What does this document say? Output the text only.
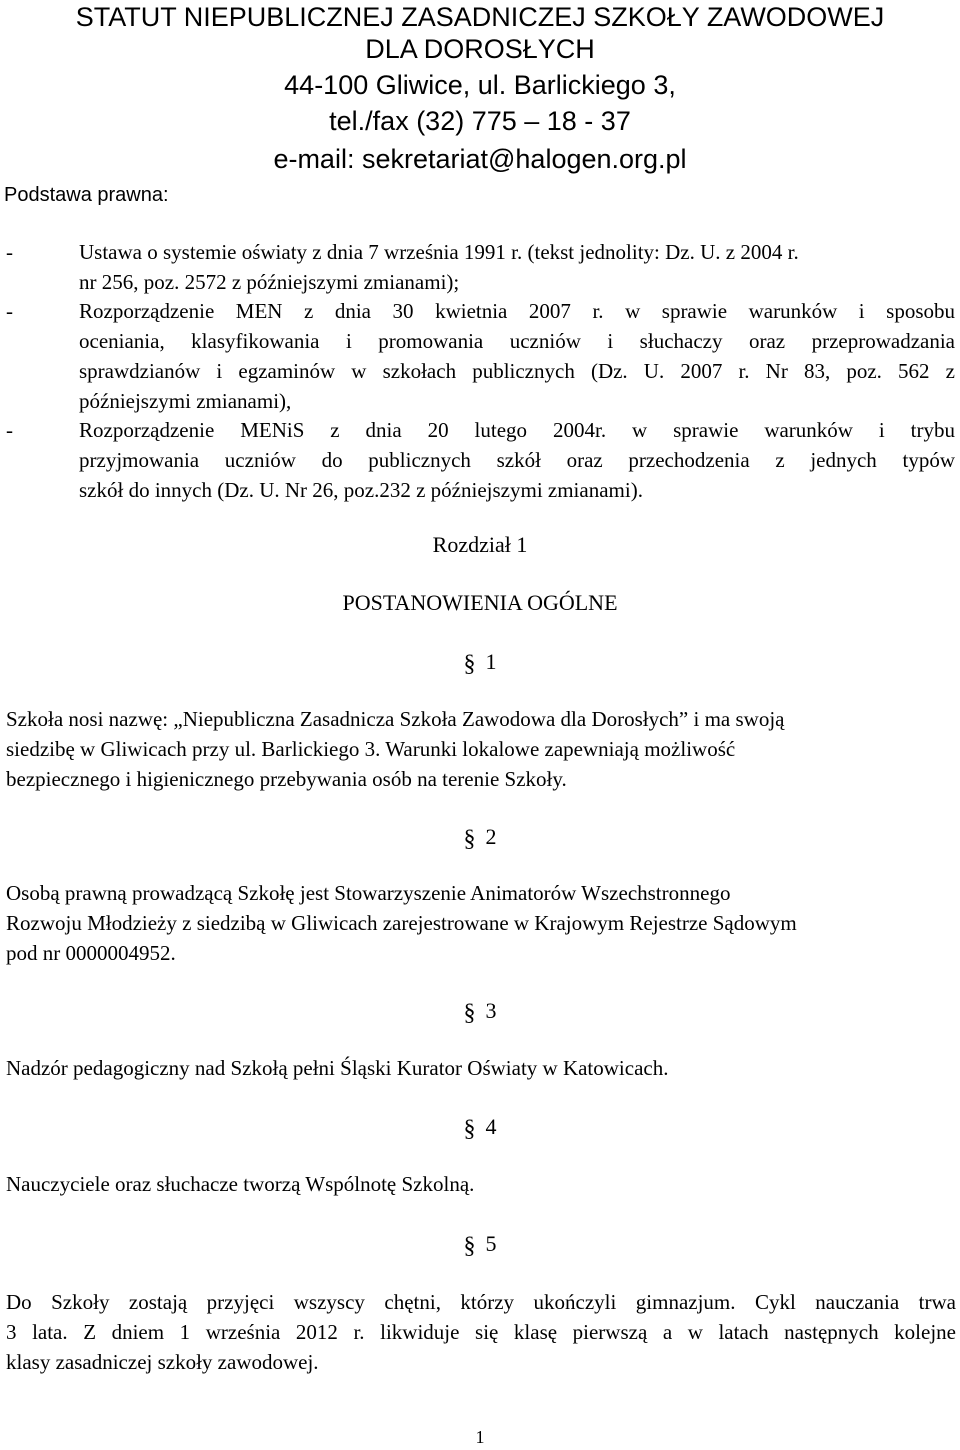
STATUT NIEPUBLICZNEJ ZASADNICZEJ SZKOŁY ZAWODOWEJ
DLA DOROSŁYCH
44-100 Gliwice, ul. Barlickiego 3,
tel./fax (32) 775 – 18 - 37
e-mail: sekretariat@halogen.org.pl
Podstawa prawna:
-	Ustawa o systemie oświaty z dnia 7 września 1991 r. (tekst jednolity: Dz. U. z 2004 r.
nr 256, poz. 2572 z późniejszymi zmianami);
-	Rozporządzenie MEN z dnia 30 kwietnia 2007 r. w sprawie warunków i sposobu
oceniania, klasyfikowania i promowania uczniów i słuchaczy oraz przeprowadzania
sprawdzianów i egzaminów w szkołach publicznych (Dz. U. 2007 r. Nr 83, poz. 562 z
późniejszymi zmianami),
-	Rozporządzenie MENiS z dnia 20 lutego 2004r. w sprawie warunków i trybu
przyjmowania uczniów do publicznych szkół oraz przechodzenia z jednych typów
szkół do innych (Dz. U. Nr 26, poz.232 z późniejszymi zmianami).
Rozdział 1
POSTANOWIENIA OGÓLNE
§ 1
Szkoła nosi nazwę: „Niepubliczna Zasadnicza Szkoła Zawodowa dla Dorosłych” i ma swoją
siedzibę w Gliwicach przy ul. Barlickiego 3. Warunki lokalowe zapewniają możliwość
bezpiecznego i higienicznego przebywania osób na terenie Szkoły.
§ 2
Osobą prawną prowadzącą Szkołę jest Stowarzyszenie Animatorów Wszechstronnego
Rozwoju Młodzieży z siedzibą w Gliwicach zarejestrowane w Krajowym Rejestrze Sądowym
pod nr 0000004952.
§ 3
Nadzór pedagogiczny nad Szkołą pełni Śląski Kurator Oświaty w Katowicach.
§ 4
Nauczyciele oraz słuchacze tworzą Wspólnotę Szkolną.
§ 5
Do Szkoły zostają przyjęci wszyscy chętni, którzy ukończyli gimnazjum. Cykl nauczania trwa
3 lata. Z dniem 1 września 2012 r. likwiduje się klasę pierwszą a w latach następnych kolejne
klasy zasadniczej szkoły zawodowej.
1
